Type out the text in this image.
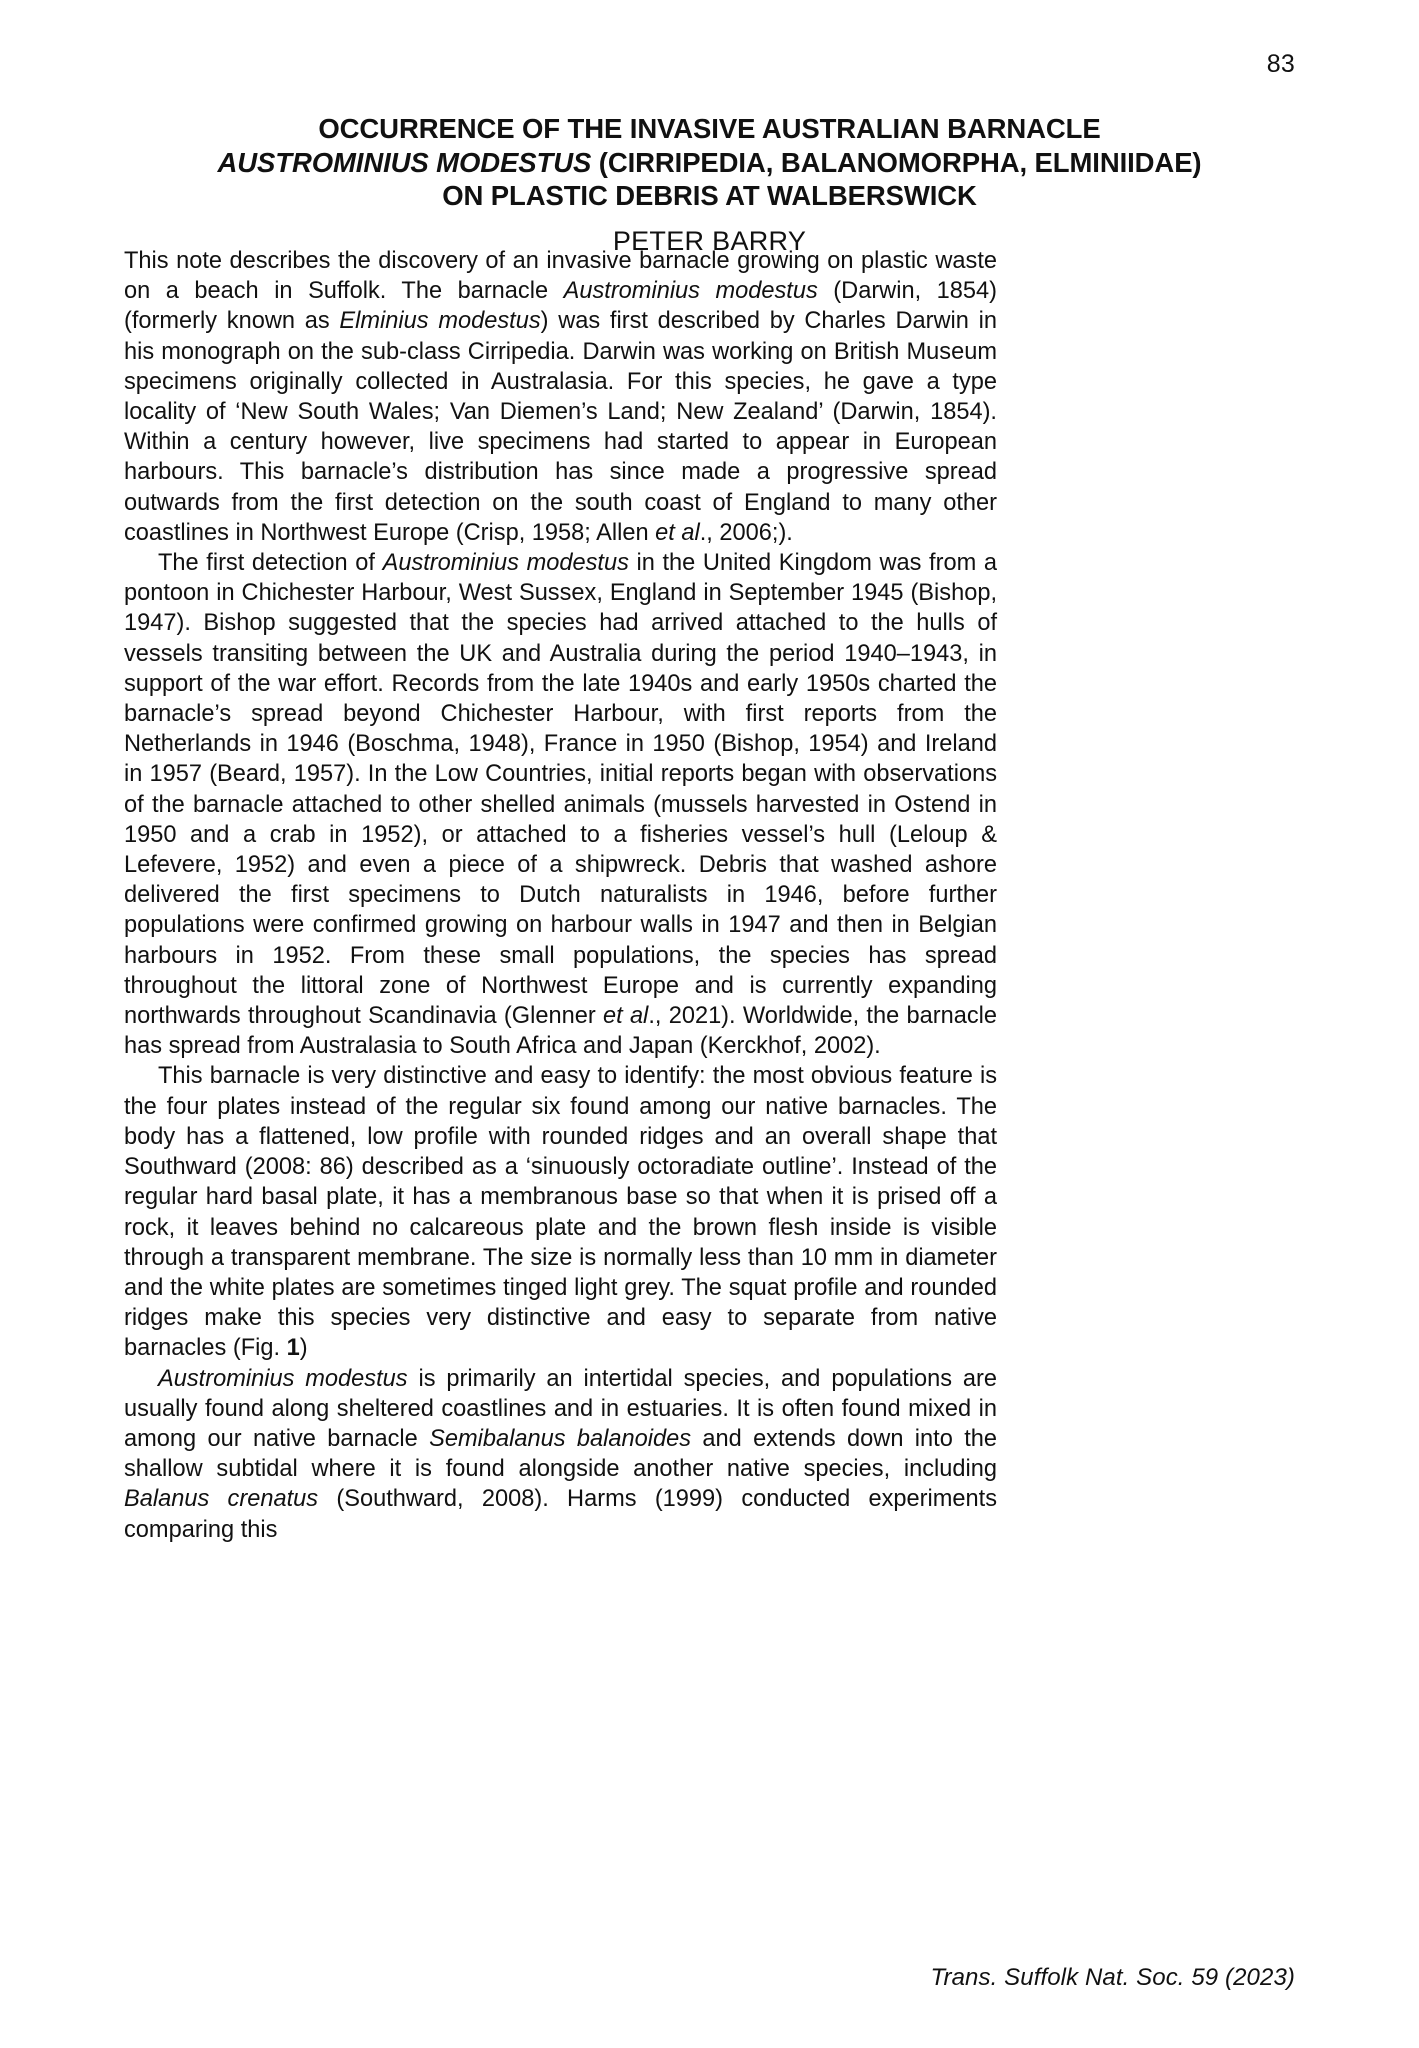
83
OCCURRENCE OF THE INVASIVE AUSTRALIAN BARNACLE
AUSTROMINIUS MODESTUS (CIRRIPEDIA, BALANOMORPHA, ELMINIIDAE)
ON PLASTIC DEBRIS AT WALBERSWICK
PETER BARRY

This note describes the discovery of an invasive barnacle growing on plastic waste on a beach in Suffolk. The barnacle Austrominius modestus (Darwin, 1854) (formerly known as Elminius modestus) was first described by Charles Darwin in his monograph on the sub-class Cirripedia. Darwin was working on British Museum specimens originally collected in Australasia. For this species, he gave a type locality of ‘New South Wales; Van Diemen’s Land; New Zealand’ (Darwin, 1854). Within a century however, live specimens had started to appear in European harbours. This barnacle’s distribution has since made a progressive spread outwards from the first detection on the south coast of England to many other coastlines in Northwest Europe (Crisp, 1958; Allen et al., 2006;).

The first detection of Austrominius modestus in the United Kingdom was from a pontoon in Chichester Harbour, West Sussex, England in September 1945 (Bishop, 1947). Bishop suggested that the species had arrived attached to the hulls of vessels transiting between the UK and Australia during the period 1940–1943, in support of the war effort. Records from the late 1940s and early 1950s charted the barnacle’s spread beyond Chichester Harbour, with first reports from the Netherlands in 1946 (Boschma, 1948), France in 1950 (Bishop, 1954) and Ireland in 1957 (Beard, 1957). In the Low Countries, initial reports began with observations of the barnacle attached to other shelled animals (mussels harvested in Ostend in 1950 and a crab in 1952), or attached to a fisheries vessel’s hull (Leloup & Lefevere, 1952) and even a piece of a shipwreck. Debris that washed ashore delivered the first specimens to Dutch naturalists in 1946, before further populations were confirmed growing on harbour walls in 1947 and then in Belgian harbours in 1952. From these small populations, the species has spread throughout the littoral zone of Northwest Europe and is currently expanding northwards throughout Scandinavia (Glenner et al., 2021). Worldwide, the barnacle has spread from Australasia to South Africa and Japan (Kerckhof, 2002).

This barnacle is very distinctive and easy to identify: the most obvious feature is the four plates instead of the regular six found among our native barnacles. The body has a flattened, low profile with rounded ridges and an overall shape that Southward (2008: 86) described as a ‘sinuously octoradiate outline’. Instead of the regular hard basal plate, it has a membranous base so that when it is prised off a rock, it leaves behind no calcareous plate and the brown flesh inside is visible through a transparent membrane. The size is normally less than 10 mm in diameter and the white plates are sometimes tinged light grey. The squat profile and rounded ridges make this species very distinctive and easy to separate from native barnacles (Fig. 1)

Austrominius modestus is primarily an intertidal species, and populations are usually found along sheltered coastlines and in estuaries. It is often found mixed in among our native barnacle Semibalanus balanoides and extends down into the shallow subtidal where it is found alongside another native species, including Balanus crenatus (Southward, 2008). Harms (1999) conducted experiments comparing this

Trans. Suffolk Nat. Soc. 59 (2023)
